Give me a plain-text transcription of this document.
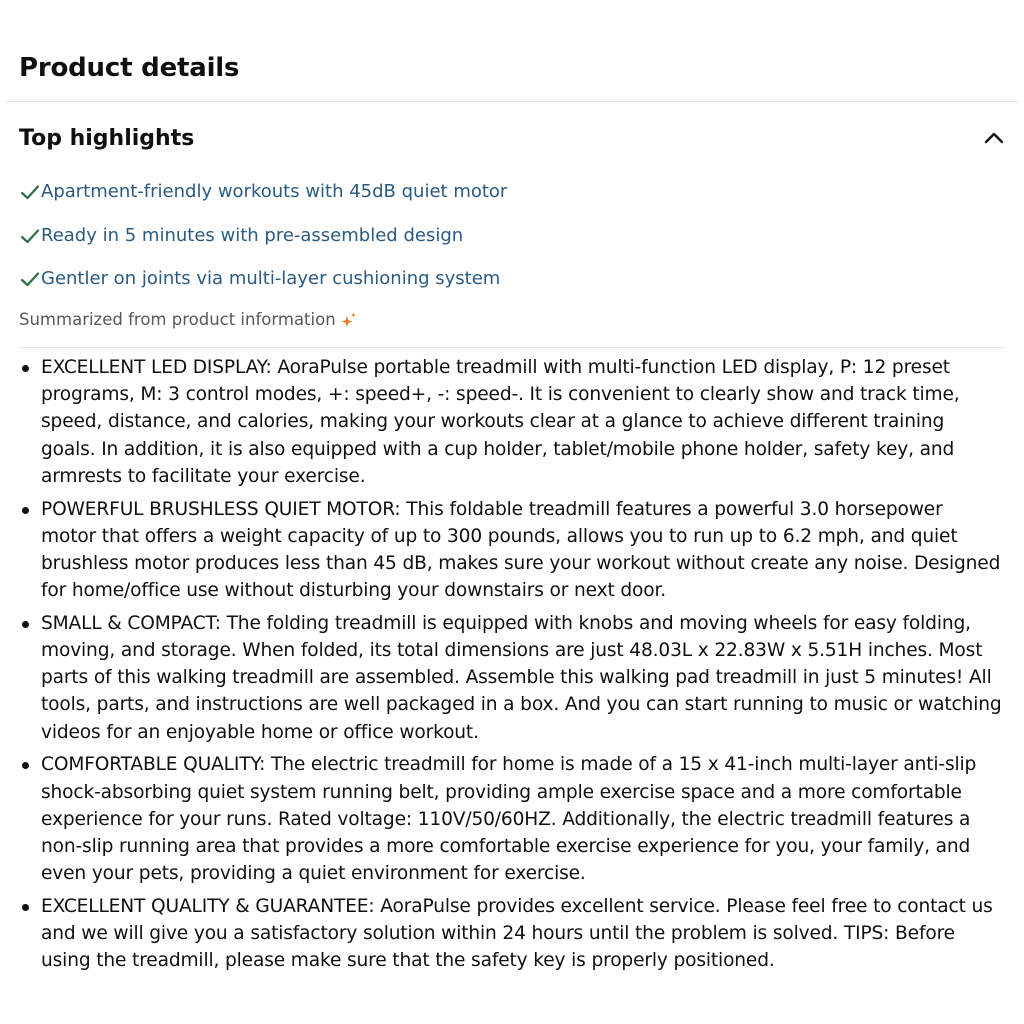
Product details
Top highlights
Apartment-friendly workouts with 45dB quiet motor
Ready in 5 minutes with pre-assembled design
Gentler on joints via multi-layer cushioning system
Summarized from product information
EXCELLENT LED DISPLAY: AoraPulse portable treadmill with multi-function LED display, P: 12 preset programs, M: 3 control modes, +: speed+, -: speed-. It is convenient to clearly show and track time, speed, distance, and calories, making your workouts clear at a glance to achieve different training goals. In addition, it is also equipped with a cup holder, tablet/mobile phone holder, safety key, and armrests to facilitate your exercise.
POWERFUL BRUSHLESS QUIET MOTOR: This foldable treadmill features a powerful 3.0 horsepower motor that offers a weight capacity of up to 300 pounds, allows you to run up to 6.2 mph, and quiet brushless motor produces less than 45 dB, makes sure your workout without create any noise. Designed for home/office use without disturbing your downstairs or next door.
SMALL & COMPACT: The folding treadmill is equipped with knobs and moving wheels for easy folding, moving, and storage. When folded, its total dimensions are just 48.03L x 22.83W x 5.51H inches. Most parts of this walking treadmill are assembled. Assemble this walking pad treadmill in just 5 minutes! All tools, parts, and instructions are well packaged in a box. And you can start running to music or watching videos for an enjoyable home or office workout.
COMFORTABLE QUALITY: The electric treadmill for home is made of a 15 x 41-inch multi-layer anti-slip shock-absorbing quiet system running belt, providing ample exercise space and a more comfortable experience for your runs. Rated voltage: 110V/50/60HZ. Additionally, the electric treadmill features a non-slip running area that provides a more comfortable exercise experience for you, your family, and even your pets, providing a quiet environment for exercise.
EXCELLENT QUALITY & GUARANTEE: AoraPulse provides excellent service. Please feel free to contact us and we will give you a satisfactory solution within 24 hours until the problem is solved. TIPS: Before using the treadmill, please make sure that the safety key is properly positioned.
